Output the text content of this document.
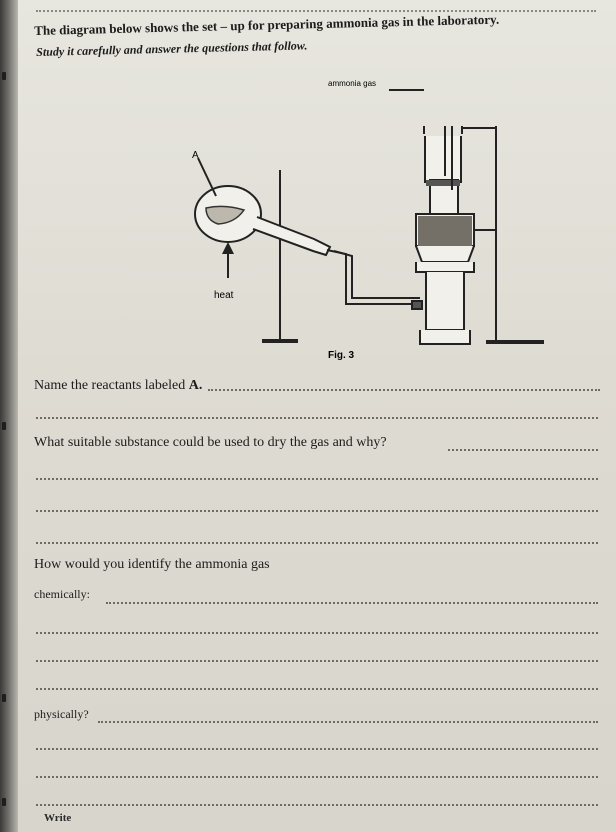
The diagram below shows the set – up for preparing ammonia gas in the laboratory.
Study it carefully and answer the questions that follow.
A
heat
ammonia gas
Fig. 3
Name the reactants labeled A.
What suitable substance could be used to dry the gas and why?
How would you identify the ammonia gas
chemically:
physically?
Write
